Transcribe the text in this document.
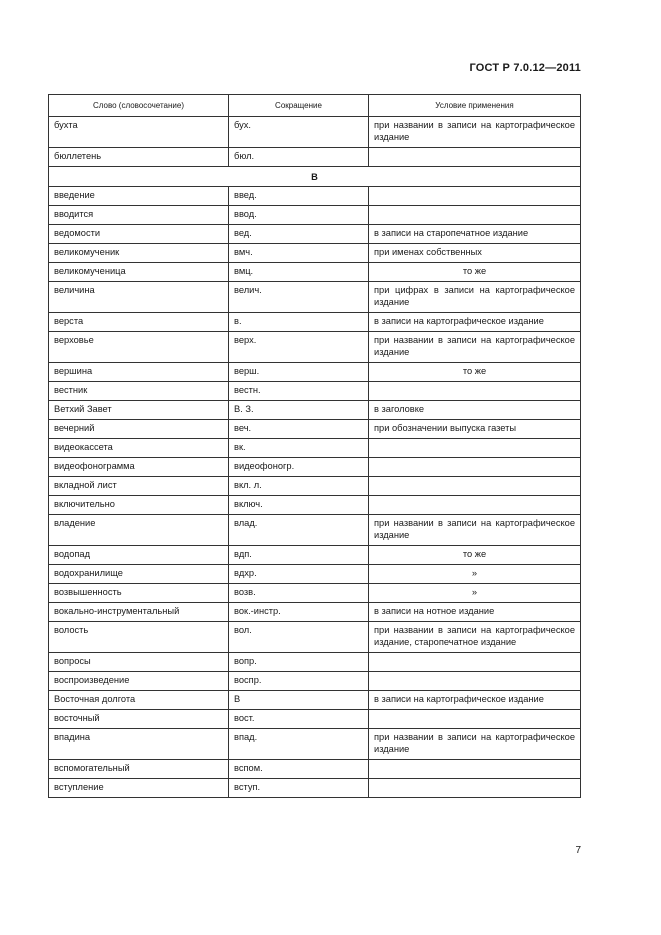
ГОСТ Р 7.0.12—2011
Слово (словосочетание)	Сокращение	Условие применения
бухта	бух.	при названии в записи на картографическое издание
бюллетень	бюл.	
В		
введение	введ.	
вводится	ввод.	
ведомости	вед.	в записи на старопечатное издание
великомученик	вмч.	при именах собственных
великомученица	вмц.	то же
величина	велич.	при цифрах в записи на картографическое издание
верста	в.	в записи на картографическое издание
верховье	верх.	при названии в записи на картографическое издание
вершина	верш.	то же
вестник	вестн.	
Ветхий Завет	В. З.	в заголовке
вечерний	веч.	при обозначении выпуска газеты
видеокассета	вк.	
видеофонограмма	видеофоногр.	
вкладной лист	вкл. л.	
включительно	включ.	
владение	влад.	при названии в записи на картографическое издание
водопад	вдп.	то же
водохранилище	вдхр.	»
возвышенность	возв.	»
вокально-инструментальный	вок.-инстр.	в записи на нотное издание
волость	вол.	при названии в записи на картографическое издание, старопечатное издание
вопросы	вопр.	
воспроизведение	воспр.	
Восточная долгота	В	в записи на картографическое издание
восточный	вост.	
впадина	впад.	при названии в записи на картографическое издание
вспомогательный	вспом.	
вступление	вступ.	
7
